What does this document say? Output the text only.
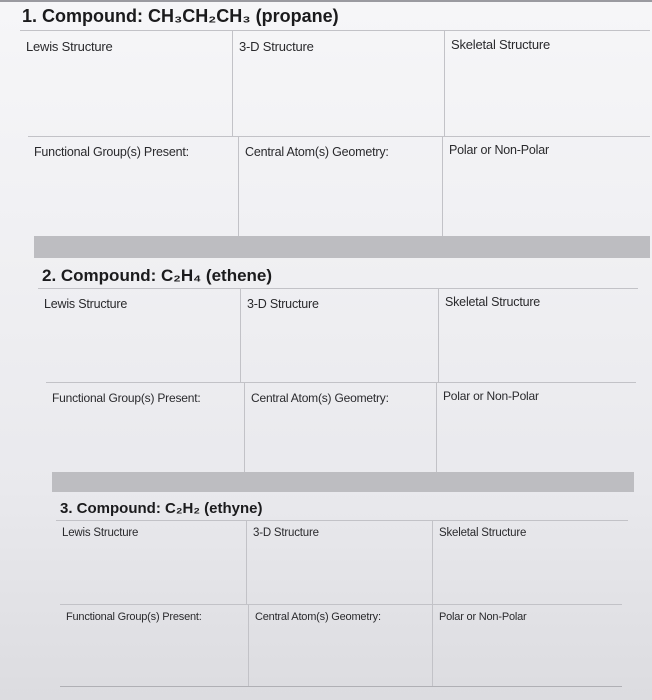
1. Compound: CH₃CH₂CH₃ (propane)
Lewis Structure	3-D Structure	Skeletal Structure
Functional Group(s) Present:	Central Atom(s) Geometry:	Polar or Non-Polar
2. Compound: C₂H₄ (ethene)
Lewis Structure	3-D Structure	Skeletal Structure
Functional Group(s) Present:	Central Atom(s) Geometry:	Polar or Non-Polar
3. Compound: C₂H₂ (ethyne)
Lewis Structure	3-D Structure	Skeletal Structure
Functional Group(s) Present:	Central Atom(s) Geometry:	Polar or Non-Polar
